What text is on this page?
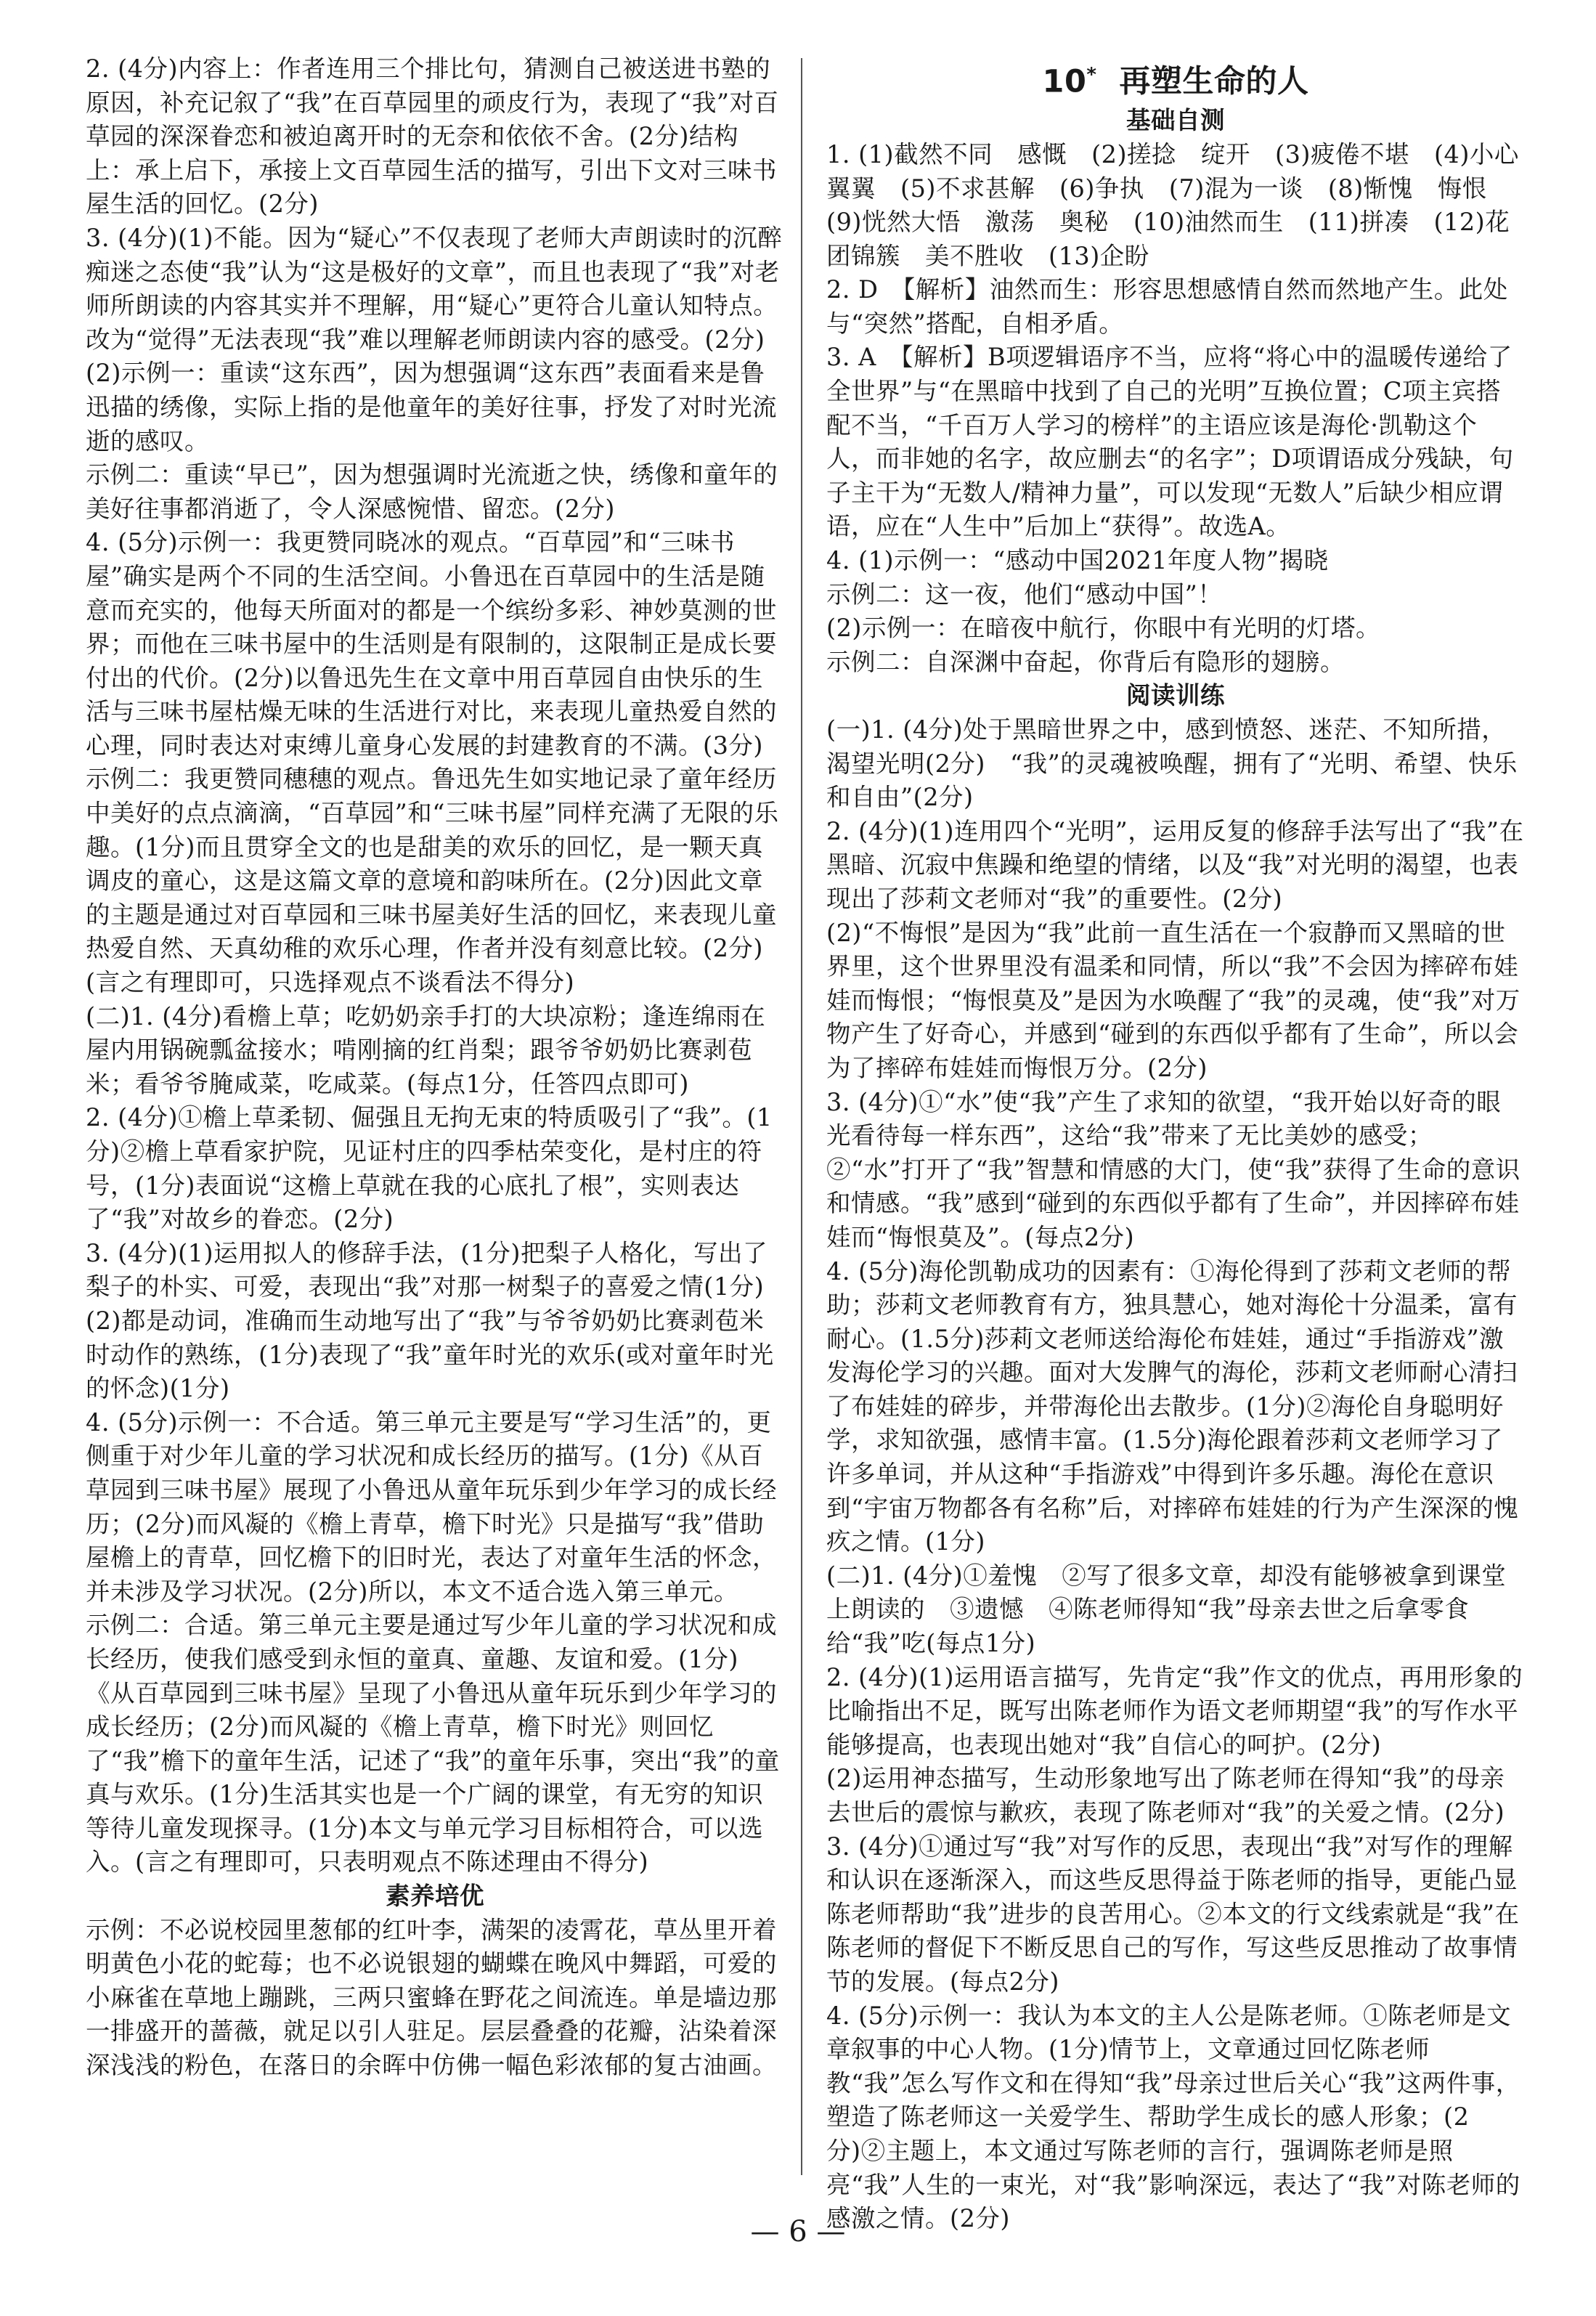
2. (4分)内容上：作者连用三个排比句，猜测自己被送进书塾的原因，补充记叙了“我”在百草园里的顽皮行为，表现了“我”对百草园的深深眷恋和被迫离开时的无奈和依依不舍。(2分)结构上：承上启下，承接上文百草园生活的描写，引出下文对三味书屋生活的回忆。(2分)

3. (4分)(1)不能。因为“疑心”不仅表现了老师大声朗读时的沉醉痴迷之态使“我”认为“这是极好的文章”，而且也表现了“我”对老师所朗读的内容其实并不理解，用“疑心”更符合儿童认知特点。改为“觉得”无法表现“我”难以理解老师朗读内容的感受。(2分)

(2)示例一：重读“这东西”，因为想强调“这东西”表面看来是鲁迅描的绣像，实际上指的是他童年的美好往事，抒发了对时光流逝的感叹。

示例二：重读“早已”，因为想强调时光流逝之快，绣像和童年的美好往事都消逝了，令人深感惋惜、留恋。(2分)

4. (5分)示例一：我更赞同晓冰的观点。“百草园”和“三味书屋”确实是两个不同的生活空间。小鲁迅在百草园中的生活是随意而充实的，他每天所面对的都是一个缤纷多彩、神妙莫测的世界；而他在三味书屋中的生活则是有限制的，这限制正是成长要付出的代价。(2分)以鲁迅先生在文章中用百草园自由快乐的生活与三味书屋枯燥无味的生活进行对比，来表现儿童热爱自然的心理，同时表达对束缚儿童身心发展的封建教育的不满。(3分)

示例二：我更赞同穗穗的观点。鲁迅先生如实地记录了童年经历中美好的点点滴滴，“百草园”和“三味书屋”同样充满了无限的乐趣。(1分)而且贯穿全文的也是甜美的欢乐的回忆，是一颗天真调皮的童心，这是这篇文章的意境和韵味所在。(2分)因此文章的主题是通过对百草园和三味书屋美好生活的回忆，来表现儿童热爱自然、天真幼稚的欢乐心理，作者并没有刻意比较。(2分)(言之有理即可，只选择观点不谈看法不得分)

(二)1. (4分)看檐上草；吃奶奶亲手打的大块凉粉；逢连绵雨在屋内用锅碗瓢盆接水；啃刚摘的红肖梨；跟爷爷奶奶比赛剥苞米；看爷爷腌咸菜，吃咸菜。(每点1分，任答四点即可)

2. (4分)①檐上草柔韧、倔强且无拘无束的特质吸引了“我”。(1分)②檐上草看家护院，见证村庄的四季枯荣变化，是村庄的符号，(1分)表面说“这檐上草就在我的心底扎了根”，实则表达了“我”对故乡的眷恋。(2分)

3. (4分)(1)运用拟人的修辞手法，(1分)把梨子人格化，写出了梨子的朴实、可爱，表现出“我”对那一树梨子的喜爱之情(1分)

(2)都是动词，准确而生动地写出了“我”与爷爷奶奶比赛剥苞米时动作的熟练，(1分)表现了“我”童年时光的欢乐(或对童年时光的怀念)(1分)

4. (5分)示例一：不合适。第三单元主要是写“学习生活”的，更侧重于对少年儿童的学习状况和成长经历的描写。(1分)《从百草园到三味书屋》展现了小鲁迅从童年玩乐到少年学习的成长经历；(2分)而风凝的《檐上青草，檐下时光》只是描写“我”借助屋檐上的青草，回忆檐下的旧时光，表达了对童年生活的怀念，并未涉及学习状况。(2分)所以，本文不适合选入第三单元。

示例二：合适。第三单元主要是通过写少年儿童的学习状况和成长经历，使我们感受到永恒的童真、童趣、友谊和爱。(1分)《从百草园到三味书屋》呈现了小鲁迅从童年玩乐到少年学习的成长经历；(2分)而风凝的《檐上青草，檐下时光》则回忆了“我”檐下的童年生活，记述了“我”的童年乐事，突出“我”的童真与欢乐。(1分)生活其实也是一个广阔的课堂，有无穷的知识等待儿童发现探寻。(1分)本文与单元学习目标相符合，可以选入。(言之有理即可，只表明观点不陈述理由不得分)

素养培优

示例：不必说校园里葱郁的红叶李，满架的凌霄花，草丛里开着明黄色小花的蛇莓；也不必说银翅的蝴蝶在晚风中舞蹈，可爱的小麻雀在草地上蹦跳，三两只蜜蜂在野花之间流连。单是墙边那一排盛开的蔷薇，就足以引人驻足。层层叠叠的花瓣，沾染着深深浅浅的粉色，在落日的余晖中仿佛一幅色彩浓郁的复古油画。

10* 再塑生命的人

基础自测

1. (1)截然不同　感慨　(2)搓捻　绽开　(3)疲倦不堪　(4)小心翼翼　(5)不求甚解　(6)争执　(7)混为一谈　(8)惭愧　悔恨　(9)恍然大悟　激荡　奥秘　(10)油然而生　(11)拼凑　(12)花团锦簇　美不胜收　(13)企盼

2. D　【解析】油然而生：形容思想感情自然而然地产生。此处与“突然”搭配，自相矛盾。

3. A　【解析】B项逻辑语序不当，应将“将心中的温暖传递给了全世界”与“在黑暗中找到了自己的光明”互换位置；C项主宾搭配不当，“千百万人学习的榜样”的主语应该是海伦·凯勒这个人，而非她的名字，故应删去“的名字”；D项谓语成分残缺，句子主干为“无数人/精神力量”，可以发现“无数人”后缺少相应谓语，应在“人生中”后加上“获得”。故选A。

4. (1)示例一：“感动中国2021年度人物”揭晓

示例二：这一夜，他们“感动中国”！

(2)示例一：在暗夜中航行，你眼中有光明的灯塔。

示例二：自深渊中奋起，你背后有隐形的翅膀。

阅读训练

(一)1. (4分)处于黑暗世界之中，感到愤怒、迷茫、不知所措，渴望光明(2分)　“我”的灵魂被唤醒，拥有了“光明、希望、快乐和自由”(2分)

2. (4分)(1)连用四个“光明”，运用反复的修辞手法写出了“我”在黑暗、沉寂中焦躁和绝望的情绪，以及“我”对光明的渴望，也表现出了莎莉文老师对“我”的重要性。(2分)

(2)“不悔恨”是因为“我”此前一直生活在一个寂静而又黑暗的世界里，这个世界里没有温柔和同情，所以“我”不会因为摔碎布娃娃而悔恨；“悔恨莫及”是因为水唤醒了“我”的灵魂，使“我”对万物产生了好奇心，并感到“碰到的东西似乎都有了生命”，所以会为了摔碎布娃娃而悔恨万分。(2分)

3. (4分)①“水”使“我”产生了求知的欲望，“我开始以好奇的眼光看待每一样东西”，这给“我”带来了无比美妙的感受；②“水”打开了“我”智慧和情感的大门，使“我”获得了生命的意识和情感。“我”感到“碰到的东西似乎都有了生命”，并因摔碎布娃娃而“悔恨莫及”。(每点2分)

4. (5分)海伦凯勒成功的因素有：①海伦得到了莎莉文老师的帮助；莎莉文老师教育有方，独具慧心，她对海伦十分温柔，富有耐心。(1.5分)莎莉文老师送给海伦布娃娃，通过“手指游戏”激发海伦学习的兴趣。面对大发脾气的海伦，莎莉文老师耐心清扫了布娃娃的碎步，并带海伦出去散步。(1分)②海伦自身聪明好学，求知欲强，感情丰富。(1.5分)海伦跟着莎莉文老师学习了许多单词，并从这种“手指游戏”中得到许多乐趣。海伦在意识到“宇宙万物都各有名称”后，对摔碎布娃娃的行为产生深深的愧疚之情。(1分)

(二)1. (4分)①羞愧　②写了很多文章，却没有能够被拿到课堂上朗读的　③遗憾　④陈老师得知“我”母亲去世之后拿零食给“我”吃(每点1分)

2. (4分)(1)运用语言描写，先肯定“我”作文的优点，再用形象的比喻指出不足，既写出陈老师作为语文老师期望“我”的写作水平能够提高，也表现出她对“我”自信心的呵护。(2分)

(2)运用神态描写，生动形象地写出了陈老师在得知“我”的母亲去世后的震惊与歉疚，表现了陈老师对“我”的关爱之情。(2分)

3. (4分)①通过写“我”对写作的反思，表现出“我”对写作的理解和认识在逐渐深入，而这些反思得益于陈老师的指导，更能凸显陈老师帮助“我”进步的良苦用心。②本文的行文线索就是“我”在陈老师的督促下不断反思自己的写作，写这些反思推动了故事情节的发展。(每点2分)

4. (5分)示例一：我认为本文的主人公是陈老师。①陈老师是文章叙事的中心人物。(1分)情节上，文章通过回忆陈老师教“我”怎么写作文和在得知“我”母亲过世后关心“我”这两件事，塑造了陈老师这一关爱学生、帮助学生成长的感人形象；(2分)②主题上，本文通过写陈老师的言行，强调陈老师是照亮“我”人生的一束光，对“我”影响深远，表达了“我”对陈老师的感激之情。(2分)

— 6 —
